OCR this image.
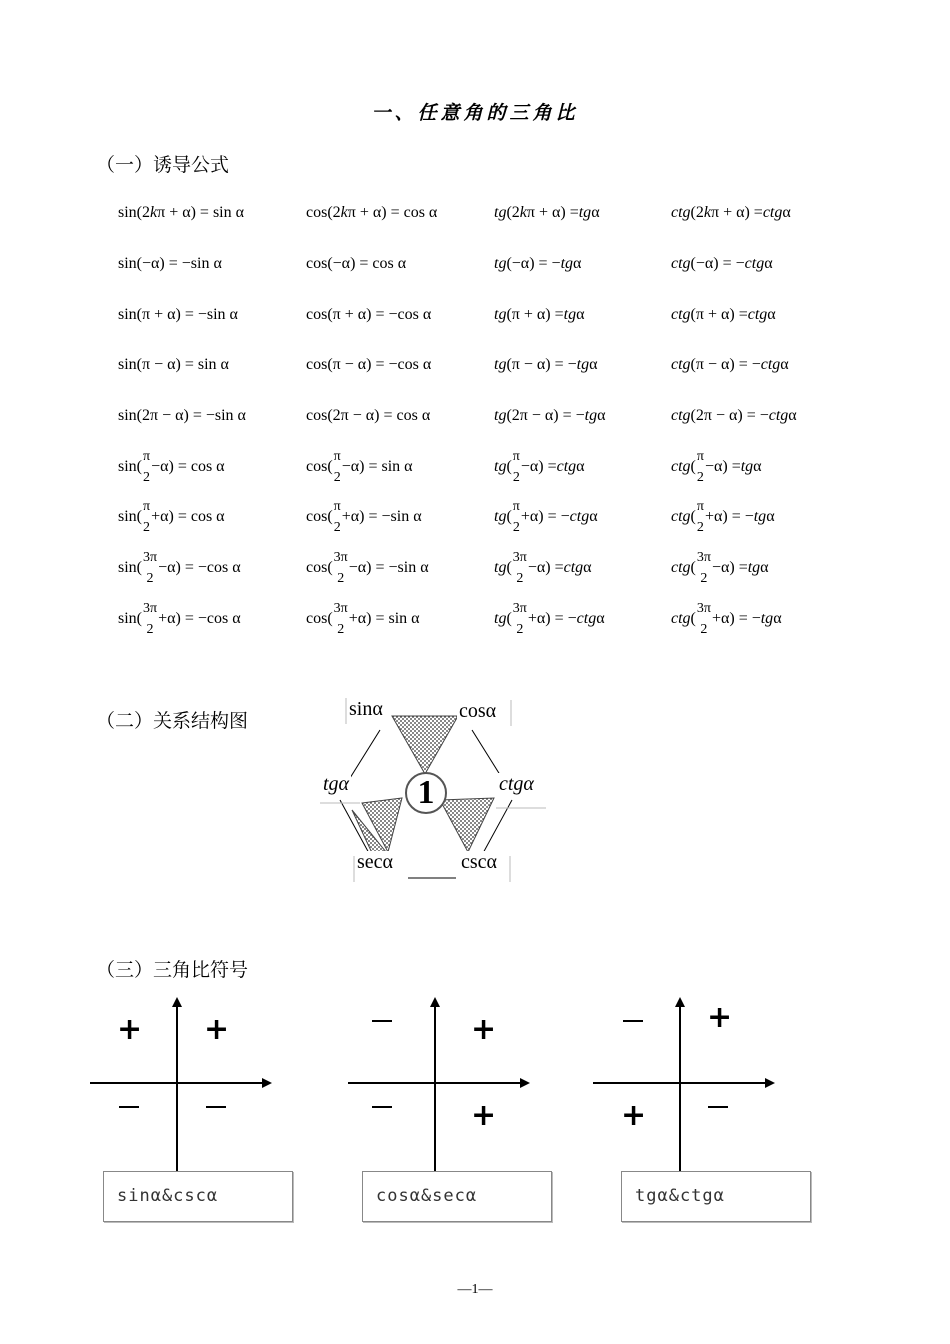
一、任意角的三角比
（一）诱导公式
sin(2 k π + α) = sin α	cos(2 k π + α) = cos α	tg (2 k π + α) = tg α	ctg (2 k π + α) = ctg α
sin(−α) = −sin α	cos(−α) = cos α	tg (−α) = − tg α	ctg (−α) = − ctg α
sin(π + α) = −sin α	cos(π + α) = −cos α	tg (π + α) = tg α	ctg (π + α) = ctg α
sin(π − α) = sin α	cos(π − α) = −cos α	tg (π − α) = − tg α	ctg (π − α) = − ctg α
sin(2π − α) = −sin α	cos(2π − α) = cos α	tg (2π − α) = − tg α	ctg (2π − α) = − ctg α
sin(
π
2
−α) = cos α	cos(
π
2
−α) = sin α	tg (
π
2
−α) = ctg α	ctg (
π
2
−α) = tg α
sin(
π
2
+α) = cos α	cos(
π
2
+α) = −sin α	tg (
π
2
+α) = − ctg α	ctg (
π
2
+α) = − tg α
sin(
3π
2
−α) = −cos α	cos(
3π
2
−α) = −sin α	tg (
3π
2
−α) = ctg α	ctg (
3π
2
−α) = tg α
sin(
3π
2
+α) = −cos α	cos(
3π
2
+α) = sin α	tg (
3π
2
+α) = − ctg α	ctg (
3π
2
+α) = − tg α
（二）关系结构图
sinα	cosα
tgα	ctgα
secα	cscα
1
（三）三角比符号
sinα&cscα	cosα&secα	tgα&ctgα
+
+	+
+
+
+
—1—
